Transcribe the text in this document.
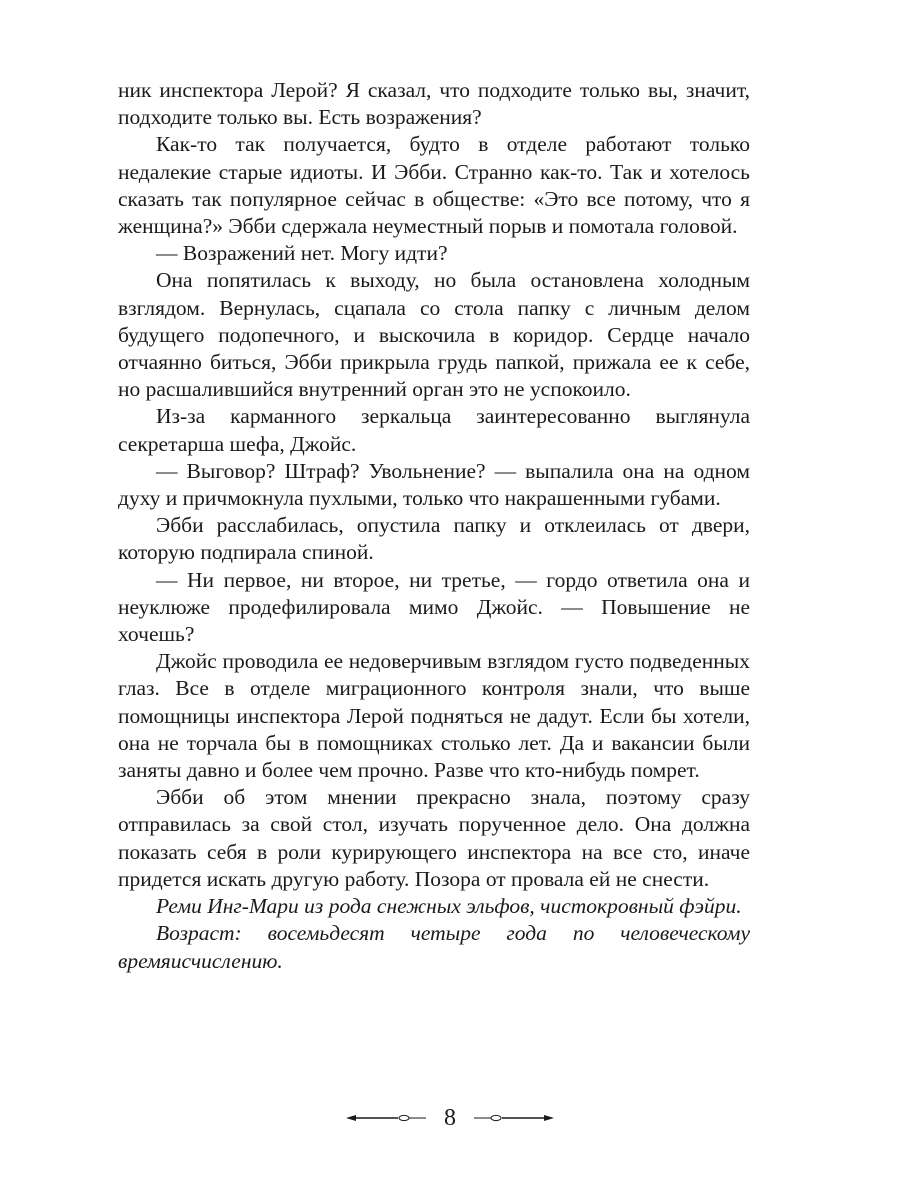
ник инспектора Лерой? Я сказал, что подходите только вы, значит, подходите только вы. Есть возражения?

Как-то так получается, будто в отделе работают только недалекие старые идиоты. И Эбби. Странно как-то. Так и хотелось сказать так популярное сейчас в обществе: «Это все потому, что я женщина?» Эбби сдержала неуместный порыв и помотала головой.

— Возражений нет. Могу идти?

Она попятилась к выходу, но была остановлена холодным взглядом. Вернулась, сцапала со стола папку с личным делом будущего подопечного, и выскочила в коридор. Сердце начало отчаянно биться, Эбби прикрыла грудь папкой, прижала ее к себе, но расшалившийся внутренний орган это не успокоило.

Из-за карманного зеркальца заинтересованно выглянула секретарша шефа, Джойс.

— Выговор? Штраф? Увольнение? — выпалила она на одном духу и причмокнула пухлыми, только что накрашенными губами.

Эбби расслабилась, опустила папку и отклеилась от двери, которую подпирала спиной.

— Ни первое, ни второе, ни третье, — гордо ответила она и неуклюже продефилировала мимо Джойс. — Повышение не хочешь?

Джойс проводила ее недоверчивым взглядом густо подведенных глаз. Все в отделе миграционного контроля знали, что выше помощницы инспектора Лерой подняться не дадут. Если бы хотели, она не торчала бы в помощниках столько лет. Да и вакансии были заняты давно и более чем прочно. Разве что кто-нибудь помрет.

Эбби об этом мнении прекрасно знала, поэтому сразу отправилась за свой стол, изучать порученное дело. Она должна показать себя в роли курирующего инспектора на все сто, иначе придется искать другую работу. Позора от провала ей не снести.

Реми Инг-Мари из рода снежных эльфов, чистокровный фэйри.

Возраст: восемьдесят четыре года по человеческому времяисчислению.

8
